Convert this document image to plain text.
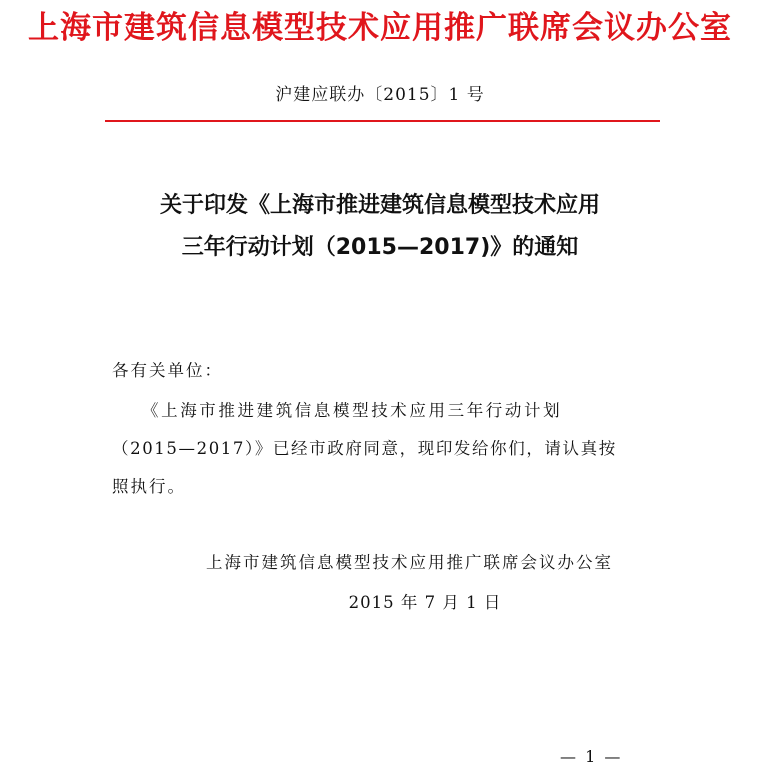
上海市建筑信息模型技术应用推广联席会议办公室
沪建应联办〔2015〕1 号
关于印发《上海市推进建筑信息模型技术应用
三年行动计划（2015—2017)》的通知
各有关单位：
《上海市推进建筑信息模型技术应用三年行动计划
（2015—2017）》已经市政府同意，现印发给你们，请认真按
照执行。
上海市建筑信息模型技术应用推广联席会议办公室
2015 年 7 月 1 日
— 1 —
